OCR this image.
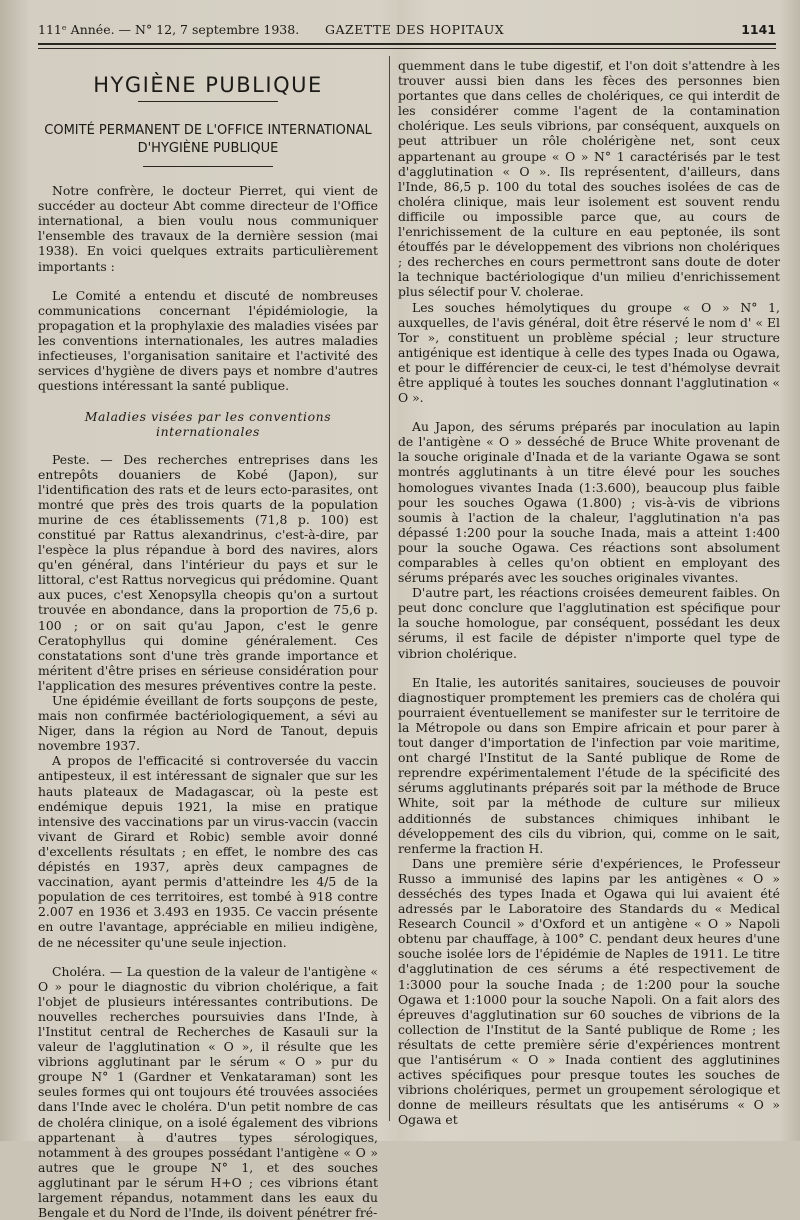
111ᵉ Année. — N° 12, 7 septembre 1938. GAZETTE DES HOPITAUX	1141
HYGIÈNE PUBLIQUE
COMITÉ PERMANENT DE L'OFFICE INTERNATIONAL
D'HYGIÈNE PUBLIQUE

Notre confrère, le docteur Pierret, qui vient de succéder au docteur Abt comme directeur de l'Office international, a bien voulu nous communiquer l'ensemble des travaux de la dernière session (mai 1938). En voici quelques extraits particulièrement importants :

Le Comité a entendu et discuté de nombreuses communications concernant l'épidémiologie, la propagation et la prophylaxie des maladies visées par les conventions internationales, les autres maladies infectieuses, l'organisation sanitaire et l'activité des services d'hygiène de divers pays et nombre d'autres questions intéressant la santé publique.

Maladies visées par les conventions internationales

Peste. — Des recherches entreprises dans les entrepôts douaniers de Kobé (Japon), sur l'identification des rats et de leurs ecto-parasites, ont montré que près des trois quarts de la population murine de ces établissements (71,8 p. 100) est constitué par Rattus alexandrinus, c'est-à-dire, par l'espèce la plus répandue à bord des navires, alors qu'en général, dans l'intérieur du pays et sur le littoral, c'est Rattus norvegicus qui prédomine. Quant aux puces, c'est Xenopsylla cheopis qu'on a surtout trouvée en abondance, dans la proportion de 75,6 p. 100 ; or on sait qu'au Japon, c'est le genre Ceratophyllus qui domine généralement. Ces constatations sont d'une très grande importance et méritent d'être prises en sérieuse considération pour l'application des mesures préventives contre la peste.

Une épidémie éveillant de forts soupçons de peste, mais non confirmée bactériologiquement, a sévi au Niger, dans la région au Nord de Tanout, depuis novembre 1937.

A propos de l'efficacité si controversée du vaccin antipesteux, il est intéressant de signaler que sur les hauts plateaux de Madagascar, où la peste est endémique depuis 1921, la mise en pratique intensive des vaccinations par un virus-vaccin (vaccin vivant de Girard et Robic) semble avoir donné d'excellents résultats ; en effet, le nombre des cas dépistés en 1937, après deux campagnes de vaccination, ayant permis d'atteindre les 4/5 de la population de ces territoires, est tombé à 918 contre 2.007 en 1936 et 3.493 en 1935. Ce vaccin présente en outre l'avantage, appréciable en milieu indigène, de ne nécessiter qu'une seule injection.

Choléra. — La question de la valeur de l'antigène « O » pour le diagnostic du vibrion cholérique, a fait l'objet de plusieurs intéressantes contributions. De nouvelles recherches poursuivies dans l'Inde, à l'Institut central de Recherches de Kasauli sur la valeur de l'agglutination « O », il résulte que les vibrions agglutinant par le sérum « O » pur du groupe N° 1 (Gardner et Venkataraman) sont les seules formes qui ont toujours été trouvées associées dans l'Inde avec le choléra. D'un petit nombre de cas de choléra clinique, on a isolé également des vibrions appartenant à d'autres types sérologiques, notamment à des groupes possédant l'antigène « O » autres que le groupe N° 1, et des souches agglutinant par le sérum H+O ; ces vibrions étant largement répandus, notamment dans les eaux du Bengale et du Nord de l'Inde, ils doivent pénétrer fré-

quemment dans le tube digestif, et l'on doit s'attendre à les trouver aussi bien dans les fèces des personnes bien portantes que dans celles de cholériques, ce qui interdit de les considérer comme l'agent de la contamination cholérique. Les seuls vibrions, par conséquent, auxquels on peut attribuer un rôle cholérigène net, sont ceux appartenant au groupe « O » N° 1 caractérisés par le test d'agglutination « O ». Ils représentent, d'ailleurs, dans l'Inde, 86,5 p. 100 du total des souches isolées de cas de choléra clinique, mais leur isolement est souvent rendu difficile ou impossible parce que, au cours de l'enrichissement de la culture en eau peptonée, ils sont étouffés par le développement des vibrions non cholériques ; des recherches en cours permettront sans doute de doter la technique bactériologique d'un milieu d'enrichissement plus sélectif pour V. cholerae.

Les souches hémolytiques du groupe « O » N° 1, auxquelles, de l'avis général, doit être réservé le nom d' « El Tor », constituent un problème spécial ; leur structure antigénique est identique à celle des types Inada ou Ogawa, et pour le différencier de ceux-ci, le test d'hémolyse devrait être appliqué à toutes les souches donnant l'agglutination « O ».

Au Japon, des sérums préparés par inoculation au lapin de l'antigène « O » desséché de Bruce White provenant de la souche originale d'Inada et de la variante Ogawa se sont montrés agglutinants à un titre élevé pour les souches homologues vivantes Inada (1:3.600), beaucoup plus faible pour les souches Ogawa (1.800) ; vis-à-vis de vibrions soumis à l'action de la chaleur, l'agglutination n'a pas dépassé 1:200 pour la souche Inada, mais a atteint 1:400 pour la souche Ogawa. Ces réactions sont absolument comparables à celles qu'on obtient en employant des sérums préparés avec les souches originales vivantes.

D'autre part, les réactions croisées demeurent faibles. On peut donc conclure que l'agglutination est spécifique pour la souche homologue, par conséquent, possédant les deux sérums, il est facile de dépister n'importe quel type de vibrion cholérique.

En Italie, les autorités sanitaires, soucieuses de pouvoir diagnostiquer promptement les premiers cas de choléra qui pourraient éventuellement se manifester sur le territoire de la Métropole ou dans son Empire africain et pour parer à tout danger d'importation de l'infection par voie maritime, ont chargé l'Institut de la Santé publique de Rome de reprendre expérimentalement l'étude de la spécificité des sérums agglutinants préparés soit par la méthode de Bruce White, soit par la méthode de culture sur milieux additionnés de substances chimiques inhibant le développement des cils du vibrion, qui, comme on le sait, renferme la fraction H.

Dans une première série d'expériences, le Professeur Russo a immunisé des lapins par les antigènes « O » desséchés des types Inada et Ogawa qui lui avaient été adressés par le Laboratoire des Standards du « Medical Research Council » d'Oxford et un antigène « O » Napoli obtenu par chauffage, à 100° C. pendant deux heures d'une souche isolée lors de l'épidémie de Naples de 1911. Le titre d'agglutination de ces sérums a été respectivement de 1:3000 pour la souche Inada ; de 1:200 pour la souche Ogawa et 1:1000 pour la souche Napoli. On a fait alors des épreuves d'agglutination sur 60 souches de vibrions de la collection de l'Institut de la Santé publique de Rome ; les résultats de cette première série d'expériences montrent que l'antisérum « O » Inada contient des agglutinines actives spécifiques pour presque toutes les souches de vibrions cholériques, permet un groupement sérologique et donne de meilleurs résultats que les antisérums « O » Ogawa et
